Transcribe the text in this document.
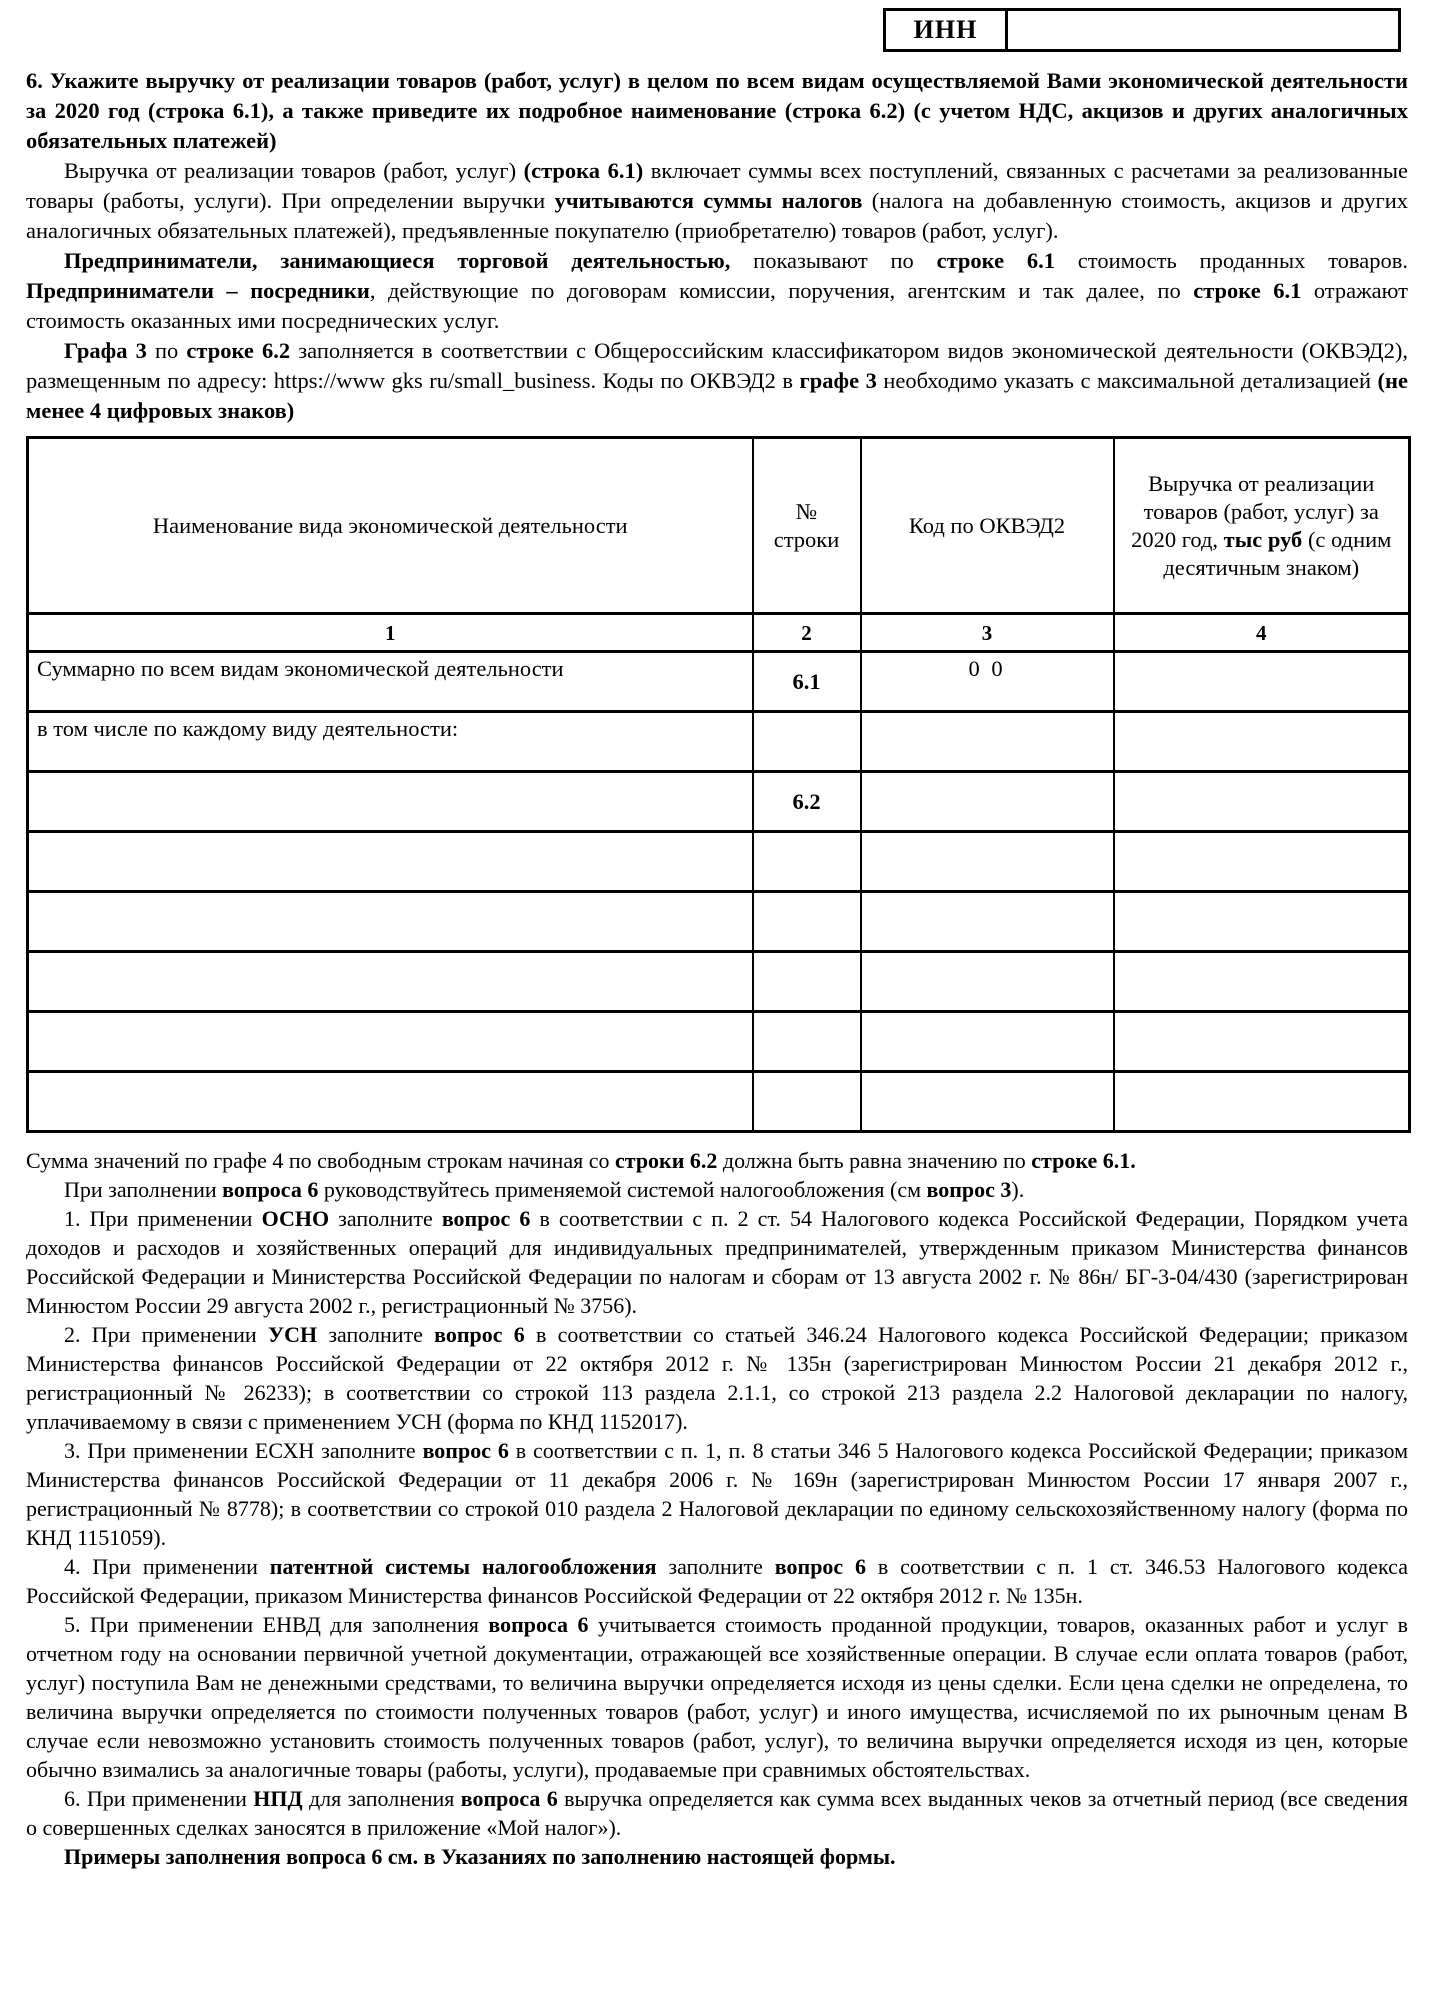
ИНН

6. Укажите выручку от реализации товаров (работ, услуг) в целом по всем видам осуществляемой Вами экономической деятельности за 2020 год (строка 6.1), а также приведите их подробное наименование (строка 6.2) (с учетом НДС, акцизов и других аналогичных обязательных платежей)

Выручка от реализации товаров (работ, услуг) (строка 6.1) включает суммы всех поступлений, связанных с расчетами за реализованные товары (работы, услуги). При определении выручки учитываются суммы налогов (налога на добавленную стоимость, акцизов и других аналогичных обязательных платежей), предъявленные покупателю (приобретателю) товаров (работ, услуг).

Предприниматели, занимающиеся торговой деятельностью, показывают по строке 6.1 стоимость проданных товаров. Предприниматели – посредники, действующие по договорам комиссии, поручения, агентским и так далее, по строке 6.1 отражают стоимость оказанных ими посреднических услуг.

Графа 3 по строке 6.2 заполняется в соответствии с Общероссийским классификатором видов экономической деятельности (ОКВЭД2), размещенным по адресу: https://www gks ru/small_business. Коды по ОКВЭД2 в графе 3 необходимо указать с максимальной детализацией (не менее 4 цифровых знаков)

Наименование вида экономической деятельности	№ строки	Код по ОКВЭД2	Выручка от реализации товаров (работ, услуг) за 2020 год, тыс руб (с одним десятичным знаком)
1	2	3	4
Суммарно по всем видам экономической деятельности	6.1	0 0	
в том числе по каждому виду деятельности:			
	6.2		

Сумма значений по графе 4 по свободным строкам начиная со строки 6.2 должна быть равна значению по строке 6.1.

При заполнении вопроса 6 руководствуйтесь применяемой системой налогообложения (см вопрос 3).

1. При применении ОСНО заполните вопрос 6 в соответствии с п. 2 ст. 54 Налогового кодекса Российской Федерации, Порядком учета доходов и расходов и хозяйственных операций для индивидуальных предпринимателей, утвержденным приказом Министерства финансов Российской Федерации и Министерства Российской Федерации по налогам и сборам от 13 августа 2002 г. № 86н/ БГ-3-04/430 (зарегистрирован Минюстом России 29 августа 2002 г., регистрационный № 3756).

2. При применении УСН заполните вопрос 6 в соответствии со статьей 346.24 Налогового кодекса Российской Федерации; приказом Министерства финансов Российской Федерации от 22 октября 2012 г. № 135н (зарегистрирован Минюстом России 21 декабря 2012 г., регистрационный № 26233); в соответствии со строкой 113 раздела 2.1.1, со строкой 213 раздела 2.2 Налоговой декларации по налогу, уплачиваемому в связи с применением УСН (форма по КНД 1152017).

3. При применении ЕСХН заполните вопрос 6 в соответствии с п. 1, п. 8 статьи 346 5 Налогового кодекса Российской Федерации; приказом Министерства финансов Российской Федерации от 11 декабря 2006 г. № 169н (зарегистрирован Минюстом России 17 января 2007 г., регистрационный № 8778); в соответствии со строкой 010 раздела 2 Налоговой декларации по единому сельскохозяйственному налогу (форма по КНД 1151059).

4. При применении патентной системы налогообложения заполните вопрос 6 в соответствии с п. 1 ст. 346.53 Налогового кодекса Российской Федерации, приказом Министерства финансов Российской Федерации от 22 октября 2012 г. № 135н.

5. При применении ЕНВД для заполнения вопроса 6 учитывается стоимость проданной продукции, товаров, оказанных работ и услуг в отчетном году на основании первичной учетной документации, отражающей все хозяйственные операции. В случае если оплата товаров (работ, услуг) поступила Вам не денежными средствами, то величина выручки определяется исходя из цены сделки. Если цена сделки не определена, то величина выручки определяется по стоимости полученных товаров (работ, услуг) и иного имущества, исчисляемой по их рыночным ценам В случае если невозможно установить стоимость полученных товаров (работ, услуг), то величина выручки определяется исходя из цен, которые обычно взимались за аналогичные товары (работы, услуги), продаваемые при сравнимых обстоятельствах.

6. При применении НПД для заполнения вопроса 6 выручка определяется как сумма всех выданных чеков за отчетный период (все сведения о совершенных сделках заносятся в приложение «Мой налог»).

Примеры заполнения вопроса 6 см. в Указаниях по заполнению настоящей формы.
